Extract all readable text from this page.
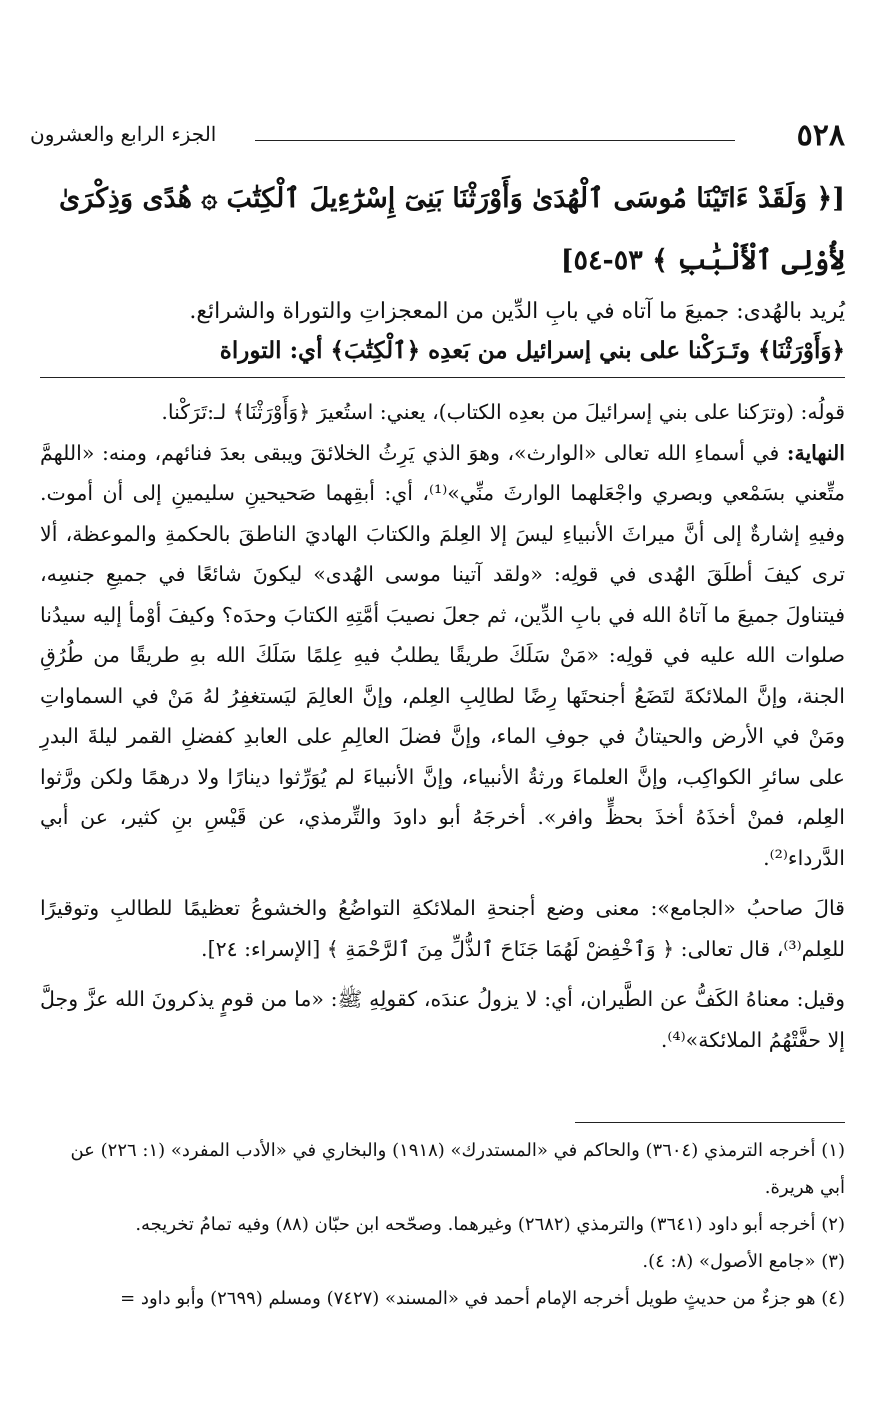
٥٢٨
الجزء الرابع والعشرون

[﴿ وَلَقَدْ ءَاتَيْنَا مُوسَى ٱلْهُدَىٰ وَأَوْرَثْنَا بَنِىٓ إِسْرَٰٓءِيلَ ٱلْكِتَٰبَ ۞ هُدًى وَذِكْرَىٰ

لِأُوْلِى ٱلْأَلْبَٰبِ ﴾ ٥٣-٥٤]

يُريد بالهُدى: جميعَ ما آتاه في بابِ الدِّين من المعجزاتِ والتوراة والشرائع.

﴿وَأَوْرَثْنَا﴾ وتَـرَكْنا على بني إسرائيل من بَعدِه ﴿ٱلْكِتَٰبَ﴾ أي: التوراة

قولُه: (وترَكنا على بني إسرائيلَ من بعدِه الكتاب)، يعني: استُعيرَ ﴿وَأَوْرَثْنَا﴾ لـ:تَرَكْنا.
النهاية: في أسماءِ الله تعالى «الوارث»، وهوَ الذي يَرِثُ الخلائقَ ويبقى بعدَ فنائهم، ومنه: «اللهمَّ متِّعني بسَمْعي وبصري واجْعَلهما الوارثَ منِّي»⁽¹⁾، أي: أبقِهما صَحيحينِ سليمينِ إلى أن أموت. وفيهِ إشارةٌ إلى أنَّ ميراثَ الأنبياءِ ليسَ إلا العِلمَ والكتابَ الهاديَ الناطقَ بالحكمةِ والموعظة، ألا ترى كيفَ أطلَقَ الهُدى في قولِه: «ولقد آتينا موسى الهُدى» ليكونَ شائعًا في جميعِ جنسِه، فيتناولَ جميعَ ما آتاهُ الله في بابِ الدِّين، ثم جعلَ نصيبَ أمَّتِهِ الكتابَ وحدَه؟ وكيفَ أوْمأ إليه سيدُنا صلوات الله عليه في قولِه: «مَنْ سَلَكَ طريقًا يطلبُ فيهِ عِلمًا سَلَكَ الله بهِ طريقًا من طُرُقِ الجنة، وإنَّ الملائكةَ لتَضَعُ أجنحتَها رِضًا لطالِبِ العِلم، وإنَّ العالِمَ ليَستغفِرُ لهُ مَنْ في السماواتِ ومَنْ في الأرض والحيتانُ في جوفِ الماء، وإنَّ فضلَ العالِمِ على العابدِ كفضلِ القمر ليلةَ البدرِ على سائرِ الكواكِب، وإنَّ العلماءَ ورثةُ الأنبياء، وإنَّ الأنبياءَ لم يُوَرِّثوا دينارًا ولا درهمًا ولكن ورَّثوا العِلم، فمنْ أخذَهُ أخذَ بحظٍّ وافر». أخرجَهُ أبو داودَ والتِّرمذي، عن قَيْسِ بنِ كثير، عن أبي الدَّرداء⁽²⁾.

قالَ صاحبُ «الجامع»: معنى وضع أجنحةِ الملائكةِ التواضُعُ والخشوعُ تعظيمًا للطالبِ وتوقيرًا للعِلم⁽³⁾، قال تعالى: ﴿ وَٱخْفِضْ لَهُمَا جَنَاحَ ٱلذُّلِّ مِنَ ٱلرَّحْمَةِ ﴾ [الإسراء: ٢٤].

وقيل: معناهُ الكَفُّ عن الطَّيران، أي: لا يزولُ عندَه، كقولِهِ ﷺ: «ما من قومٍ يذكرونَ الله عزَّ وجلَّ إلا حفَّتْهُمُ الملائكة»⁽⁴⁾.

(١) أخرجه الترمذي (٣٦٠٤) والحاكم في «المستدرك» (١٩١٨) والبخاري في «الأدب المفرد» (١: ٢٢٦) عن أبي هريرة.

(٢) أخرجه أبو داود (٣٦٤١) والترمذي (٢٦٨٢) وغيرهما. وصحّحه ابن حبّان (٨٨) وفيه تمامُ تخريجه.

(٣) «جامع الأصول» (٨: ٤).

(٤) هو جزءٌ من حديثٍ طويل أخرجه الإمام أحمد في «المسند» (٧٤٢٧) ومسلم (٢٦٩٩) وأبو داود =
